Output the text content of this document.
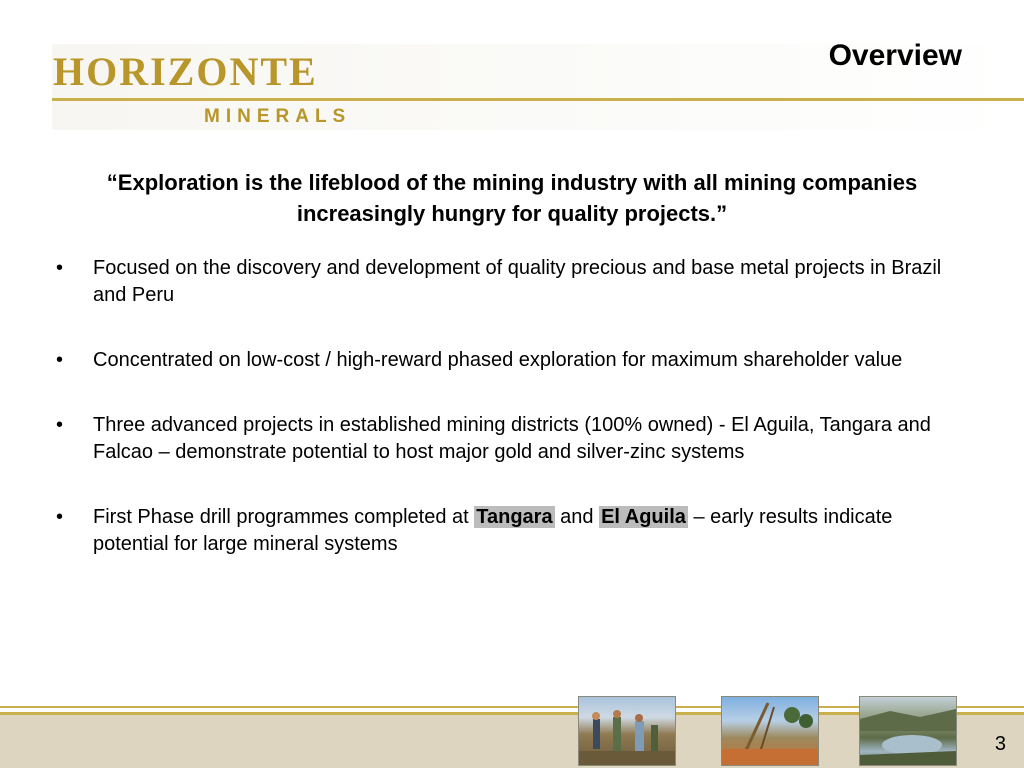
HORIZONTE
MINERALS
Overview
“Exploration is the lifeblood of the mining industry with all mining companies increasingly hungry for quality projects.”
• Focused on the discovery and development of quality precious and base metal projects in Brazil and Peru
• Concentrated on low-cost / high-reward phased exploration for maximum shareholder value
• Three advanced projects in established mining districts (100% owned) - El Aguila, Tangara and Falcao – demonstrate potential to host major gold and silver-zinc systems
• First Phase drill programmes completed at Tangara and El Aguila – early results indicate potential for large mineral systems
3
